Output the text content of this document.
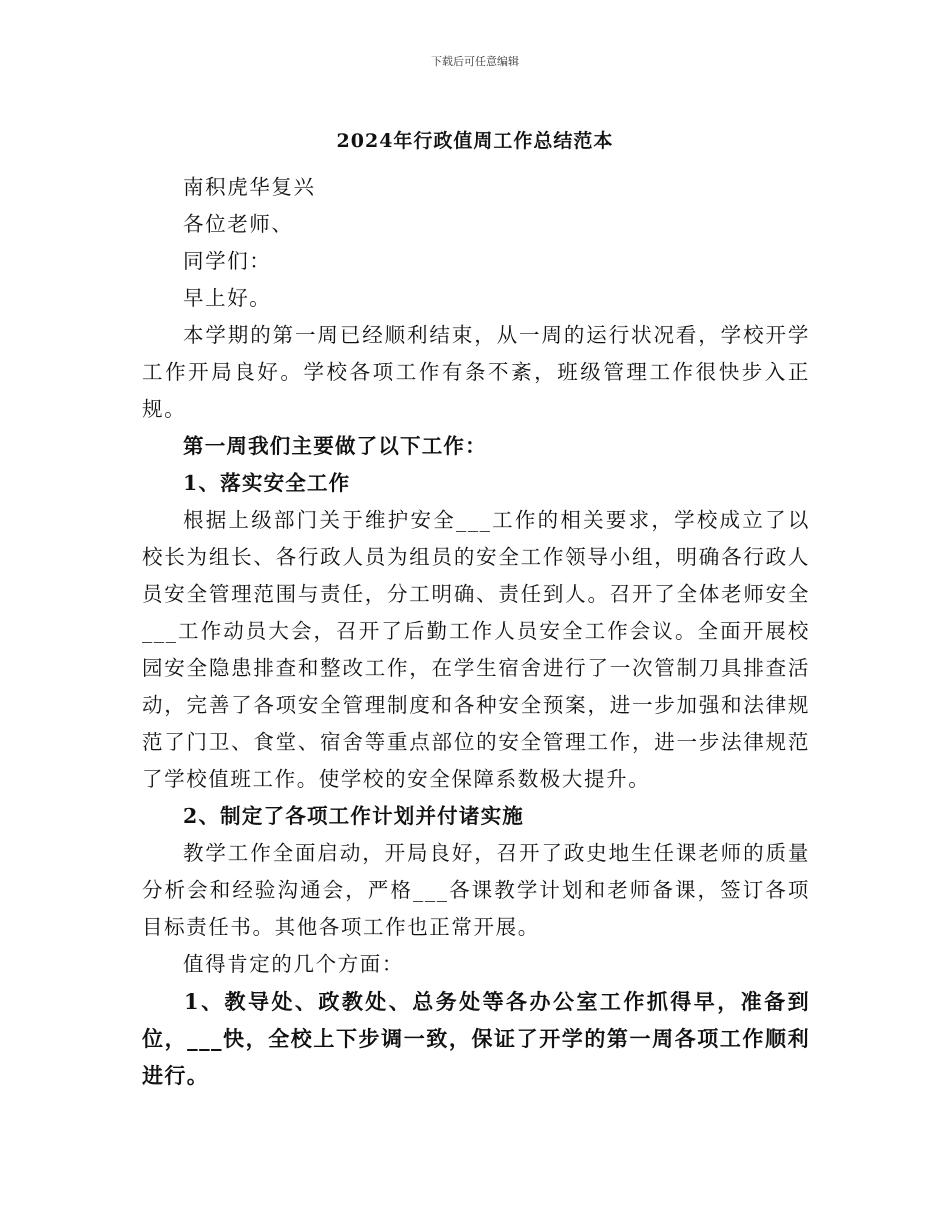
下载后可任意编辑
2024年行政值周工作总结范本

南积虎华复兴

各位老师、

同学们：

早上好。

本学期的第一周已经顺利结束，从一周的运行状况看，学校开学工作开局良好。学校各项工作有条不紊，班级管理工作很快步入正规。

第一周我们主要做了以下工作：

1、落实安全工作

根据上级部门关于维护安全___工作的相关要求，学校成立了以校长为组长、各行政人员为组员的安全工作领导小组，明确各行政人员安全管理范围与责任，分工明确、责任到人。召开了全体老师安全___工作动员大会，召开了后勤工作人员安全工作会议。全面开展校园安全隐患排查和整改工作，在学生宿舍进行了一次管制刀具排查活动，完善了各项安全管理制度和各种安全预案，进一步加强和法律规范了门卫、食堂、宿舍等重点部位的安全管理工作，进一步法律规范了学校值班工作。使学校的安全保障系数极大提升。

2、制定了各项工作计划并付诸实施

教学工作全面启动，开局良好，召开了政史地生任课老师的质量分析会和经验沟通会，严格___各课教学计划和老师备课，签订各项目标责任书。其他各项工作也正常开展。

值得肯定的几个方面：

1、教导处、政教处、总务处等各办公室工作抓得早，准备到位，___快，全校上下步调一致，保证了开学的第一周各项工作顺利进行。
